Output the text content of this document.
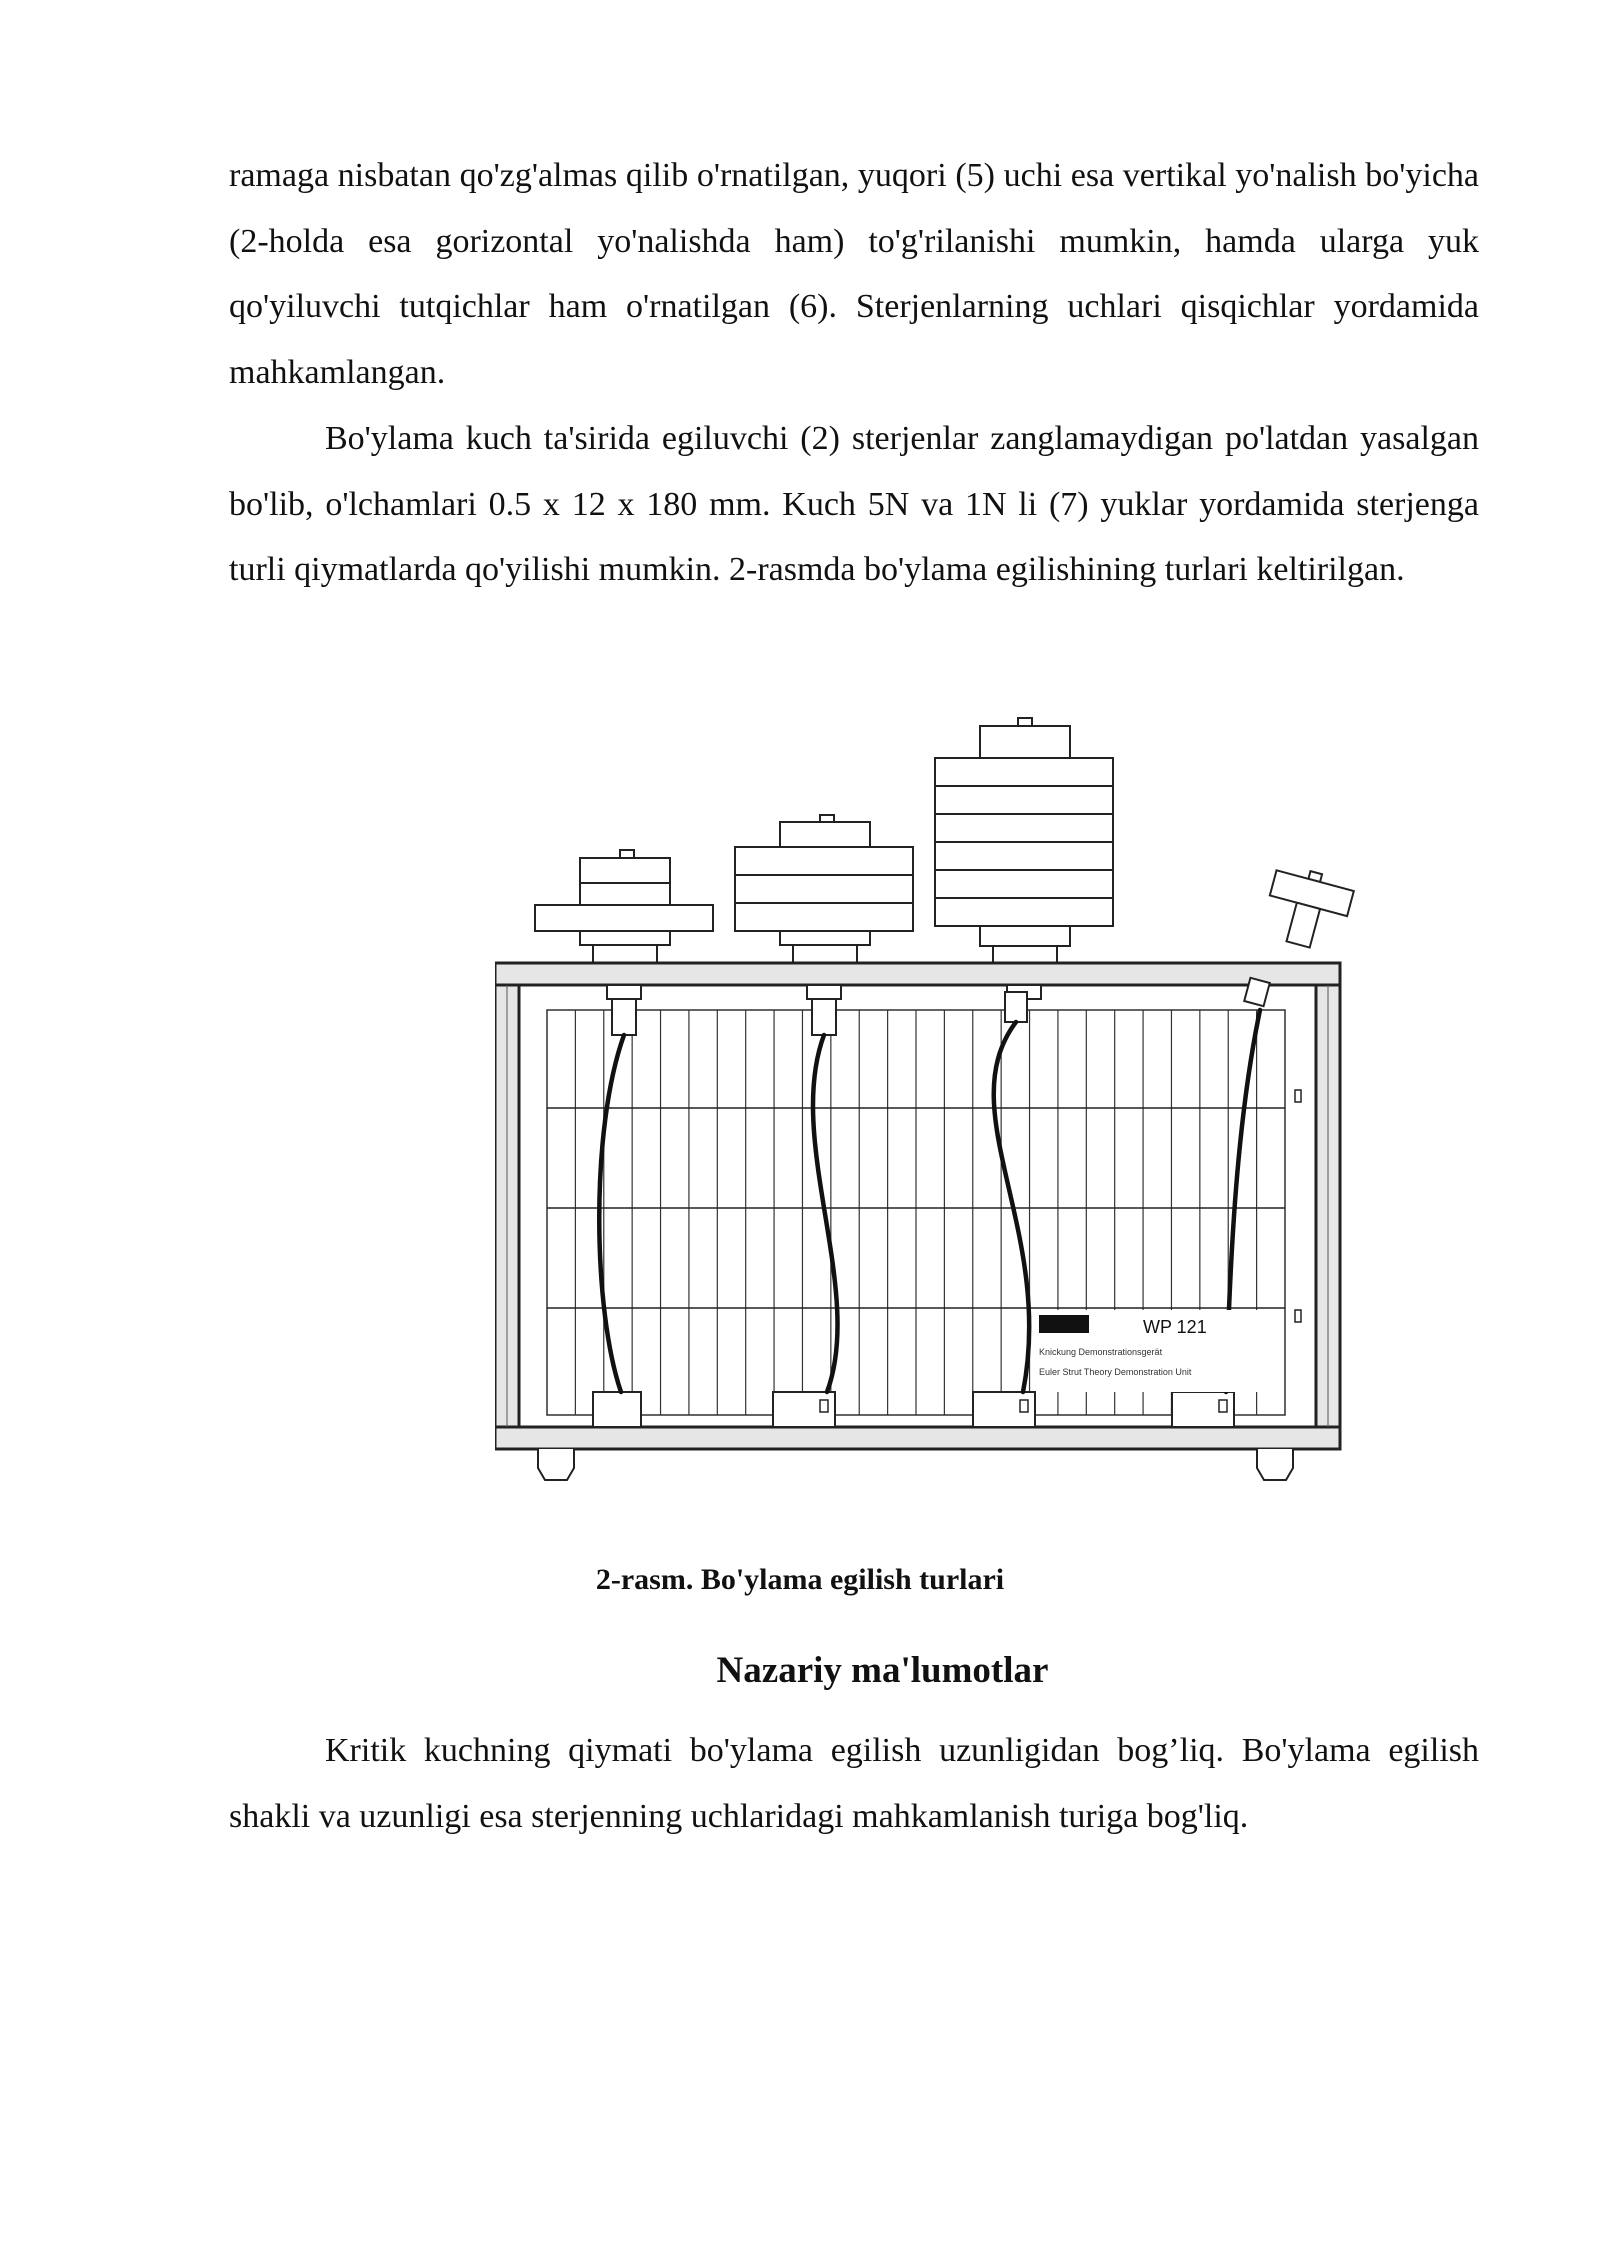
ramaga nisbatan qo'zg'almas qilib o'rnatilgan, yuqori (5) uchi esa vertikal yo'nalish bo'yicha (2-holda esa gorizontal yo'nalishda ham) to'g'rilanishi mumkin, hamda ularga yuk qo'yiluvchi tutqichlar ham o'rnatilgan (6). Sterjenlarning uchlari qisqichlar yordamida mahkamlangan.

Bo'ylama kuch ta'sirida egiluvchi (2) sterjenlar zanglamaydigan po'latdan yasalgan bo'lib, o'lchamlari 0.5 x 12 x 180 mm. Kuch 5N va 1N li (7) yuklar yordamida sterjenga turli qiymatlarda qo'yilishi mumkin. 2-rasmda bo'ylama egilishining turlari keltirilgan.

WP 121
Knickung Demonstrationsgerät
Euler Strut Theory Demonstration Unit
2-rasm. Bo'ylama egilish turlari
Nazariy ma'lumotlar

Kritik kuchning qiymati bo'ylama egilish uzunligidan bog’liq. Bo'ylama egilish shakli va uzunligi esa sterjenning uchlaridagi mahkamlanish turiga bog'liq.
